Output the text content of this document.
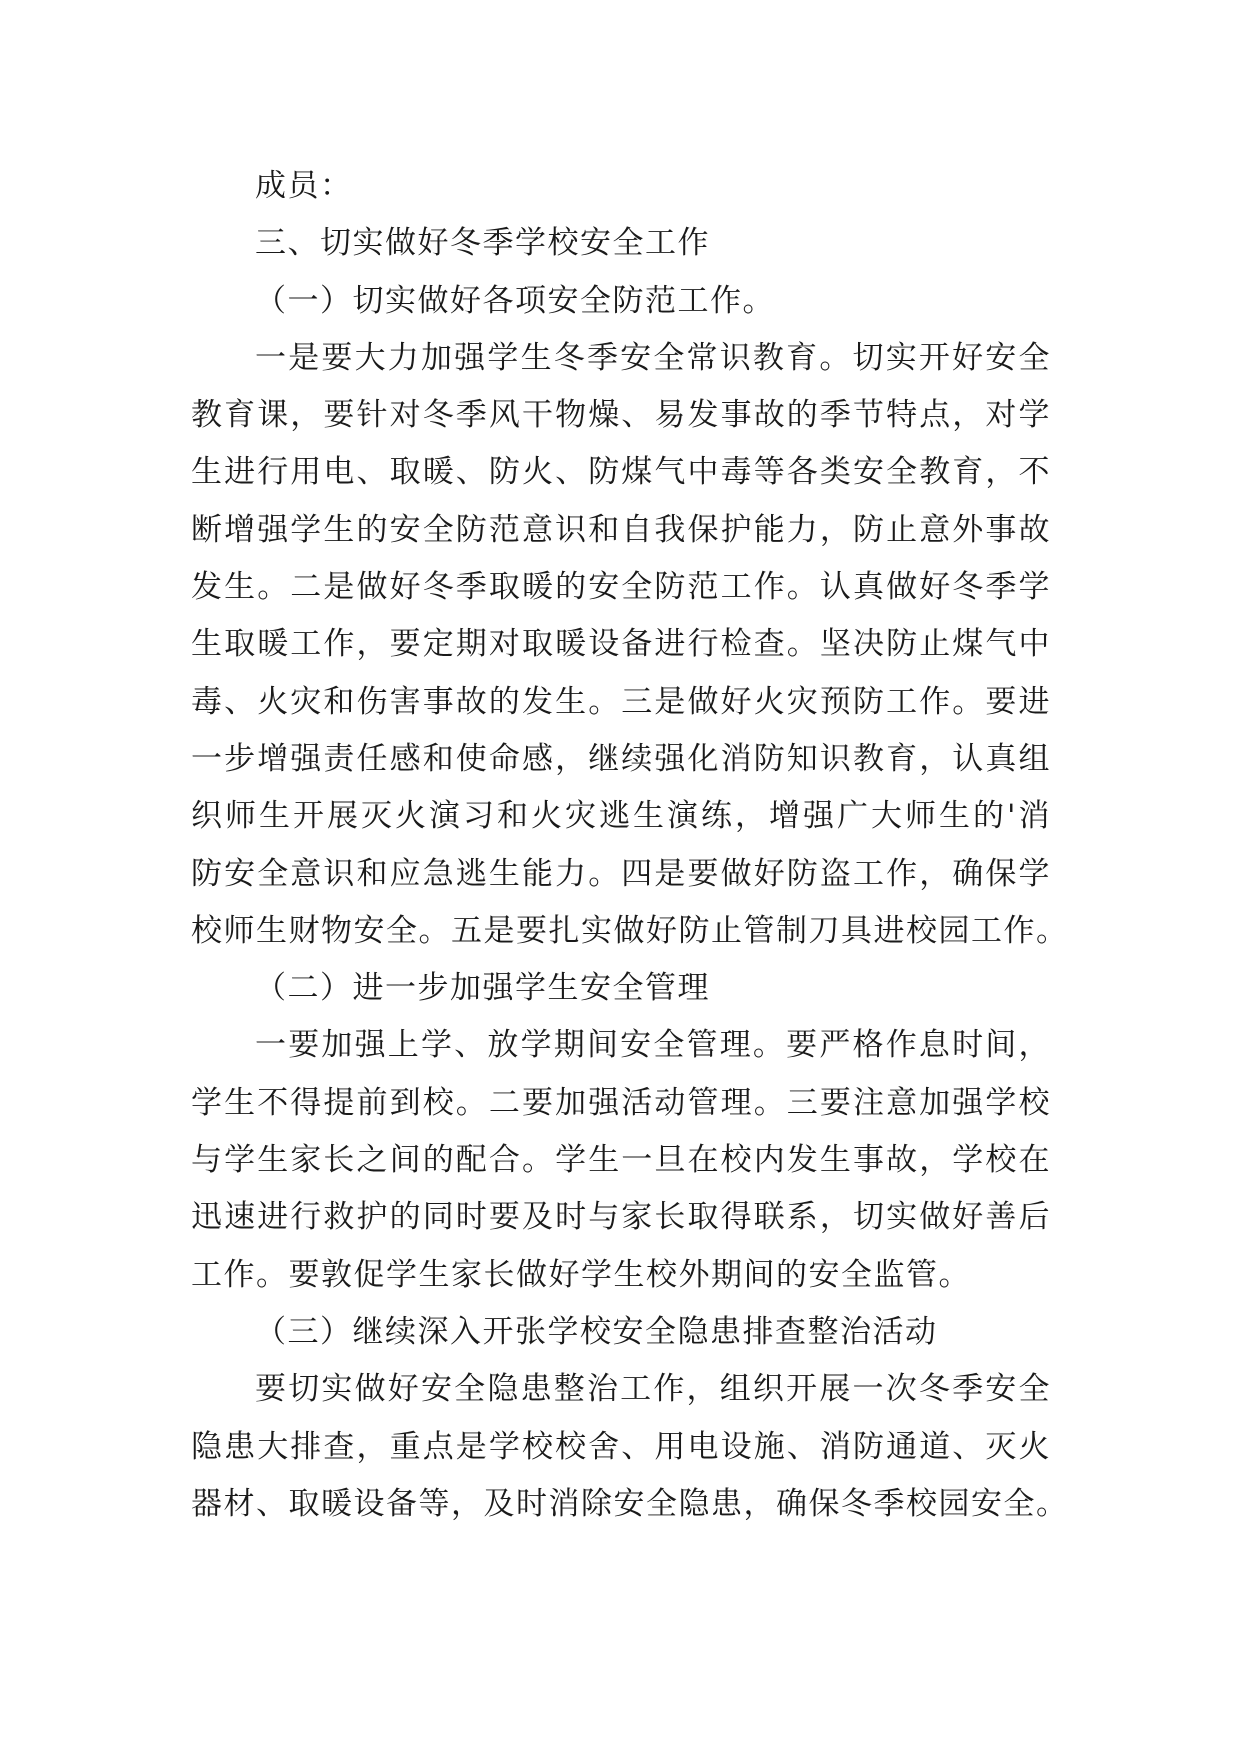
成员：
三、切实做好冬季学校安全工作
（一）切实做好各项安全防范工作。
一是要大力加强学生冬季安全常识教育。切实开好安全
教育课，要针对冬季风干物燥、易发事故的季节特点，对学
生进行用电、取暖、防火、防煤气中毒等各类安全教育，不
断增强学生的安全防范意识和自我保护能力，防止意外事故
发生。二是做好冬季取暖的安全防范工作。认真做好冬季学
生取暖工作，要定期对取暖设备进行检查。坚决防止煤气中
毒、火灾和伤害事故的发生。三是做好火灾预防工作。要进
一步增强责任感和使命感，继续强化消防知识教育，认真组
织师生开展灭火演习和火灾逃生演练，增强广大师生的'消
防安全意识和应急逃生能力。四是要做好防盗工作，确保学
校师生财物安全。五是要扎实做好防止管制刀具进校园工作。
（二）进一步加强学生安全管理
一要加强上学、放学期间安全管理。要严格作息时间，
学生不得提前到校。二要加强活动管理。三要注意加强学校
与学生家长之间的配合。学生一旦在校内发生事故，学校在
迅速进行救护的同时要及时与家长取得联系，切实做好善后
工作。要敦促学生家长做好学生校外期间的安全监管。
（三）继续深入开张学校安全隐患排查整治活动
要切实做好安全隐患整治工作，组织开展一次冬季安全
隐患大排查，重点是学校校舍、用电设施、消防通道、灭火
器材、取暖设备等，及时消除安全隐患，确保冬季校园安全。
